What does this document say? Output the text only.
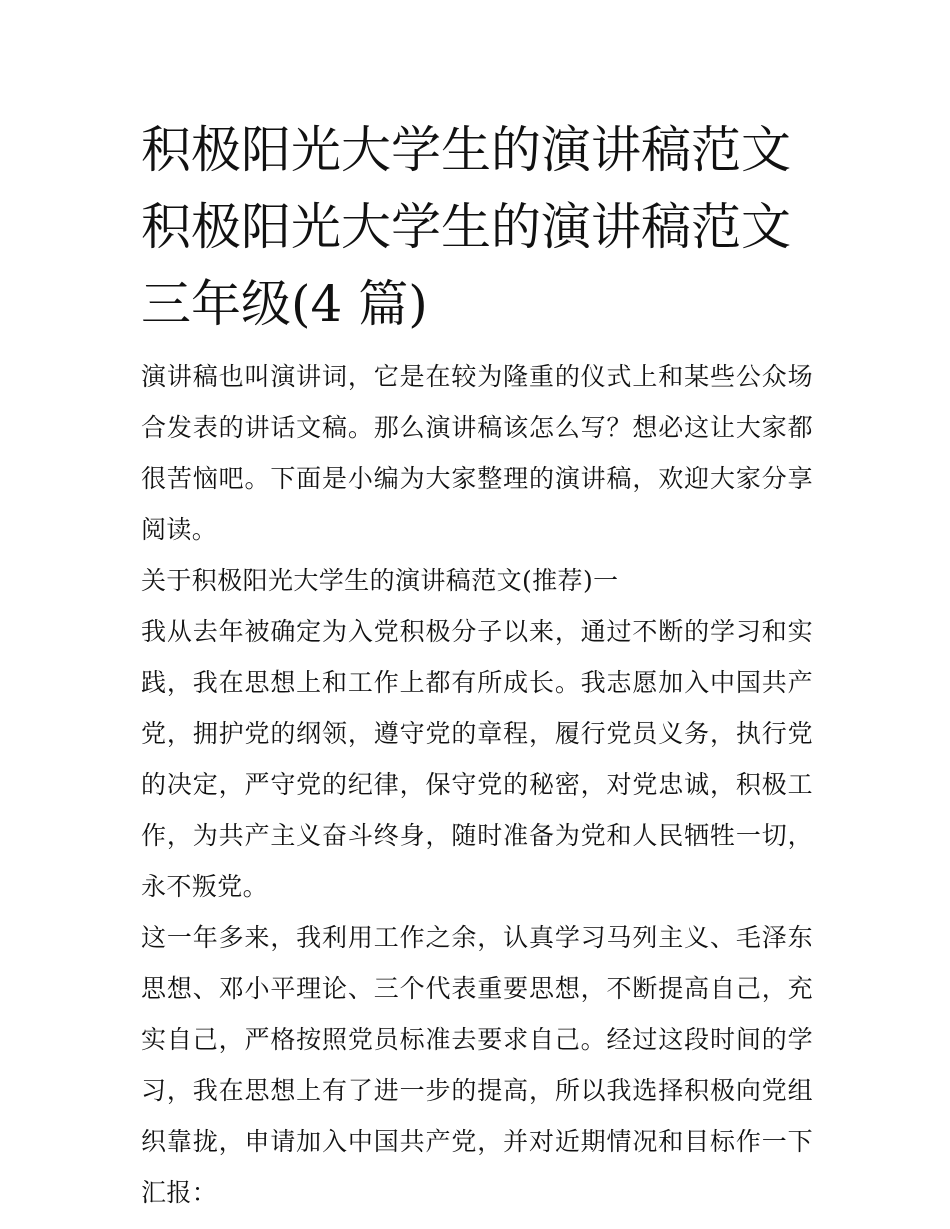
积极阳光大学生的演讲稿范文
积极阳光大学生的演讲稿范文
三年级(4 篇)

演讲稿也叫演讲词，它是在较为隆重的仪式上和某些公众场合发表的讲话文稿。那么演讲稿该怎么写？想必这让大家都很苦恼吧。下面是小编为大家整理的演讲稿，欢迎大家分享阅读。

关于积极阳光大学生的演讲稿范文(推荐)一

我从去年被确定为入党积极分子以来，通过不断的学习和实践，我在思想上和工作上都有所成长。我志愿加入中国共产党，拥护党的纲领，遵守党的章程，履行党员义务，执行党的决定，严守党的纪律，保守党的秘密，对党忠诚，积极工作，为共产主义奋斗终身，随时准备为党和人民牺牲一切，永不叛党。

这一年多来，我利用工作之余，认真学习马列主义、毛泽东思想、邓小平理论、三个代表重要思想，不断提高自己，充实自己，严格按照党员标准去要求自己。经过这段时间的学习，我在思想上有了进一步的提高，所以我选择积极向党组织靠拢，申请加入中国共产党，并对近期情况和目标作一下汇报：
